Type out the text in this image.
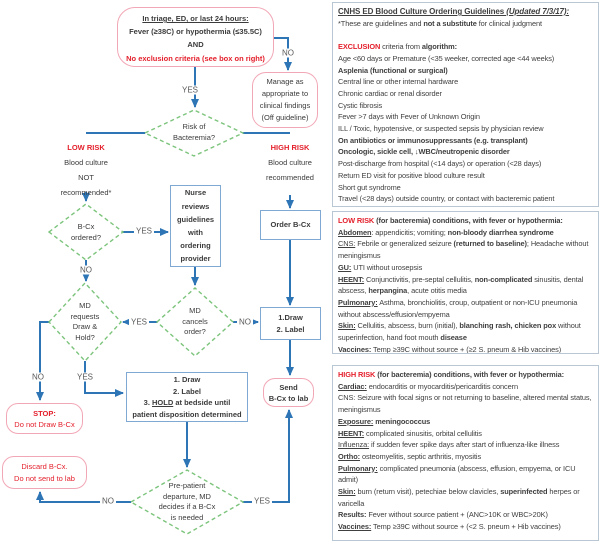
In triage, ED, or last 24 hours:
Fever (≥38C) or hypothermia (≤35.5C)
AND
No exclusion criteria (see box on right)
Manage as
appropriate to
clinical findings
(Off guideline)
Risk of
Bacteremia?
LOW RISK
Blood culture
NOT
recommended*
HIGH RISK
Blood culture
recommended
B-Cx
ordered?
Nurse
reviews
guidelines
with
ordering
provider
Order B-Cx
MD
requests
Draw &
Hold?
MD
cancels
order?
1.Draw
2. Label
1. Draw
2. Label
3. HOLD at bedside until
patient disposition determined
STOP:
Do not Draw B-Cx
Send
B-Cx to lab
Discard B-Cx.
Do not send to lab
Pre-patient
departure, MD
decides if a B-Cx
is needed
YES
NO
YES
NO
YES	NO
YES
NO
NO	YES
CNHS ED Blood Culture Ordering Guidelines (Updated 7/3/17):
*These are guidelines and not a substitute for clinical judgment
EXCLUSION criteria from algorithm:
Age <60 days or Premature (<35 weeker, corrected age <44 weeks)
Asplenia (functional or surgical)
Central line or other internal hardware
Chronic cardiac or renal disorder
Cystic fibrosis
Fever >7 days with Fever of Unknown Origin
ILL / Toxic, hypotensive, or suspected sepsis by physician review
On antibiotics or immunosuppressants (e.g. transplant)
Oncologic, sickle cell, ↓WBC/neutropenic disorder
Post-discharge from hospital (<14 days) or operation (<28 days)
Return ED visit for positive blood culture result
Short gut syndrome
Travel (<28 days) outside country, or contact with bacteremic patient
LOW RISK (for bacteremia) conditions, with fever or hypothermia:
Abdomen: appendicitis; vomiting; non-bloody diarrhea syndrome
CNS: Febrile or generalized seizure (returned to baseline); Headache without meningismus
GU: UTI without urosepsis
HEENT: Conjunctivitis, pre-septal cellulitis, non-complicated sinusitis, dental abscess, herpangina, acute otitis media
Pulmonary: Asthma, bronchiolitis, croup, outpatient or non-ICU pneumonia without abscess/effusion/empyema
Skin: Cellulitis, abscess, burn (initial), blanching rash, chicken pox without superinfection, hand foot mouth disease
Vaccines: Temp ≥39C without source + (≥2 S. pneum & Hib vaccines)
HIGH RISK (for bacteremia) conditions, with fever or hypothermia:
Cardiac: endocarditis or myocarditis/pericarditis concern
CNS: Seizure with focal signs or not returning to baseline, altered mental status, meningismus
Exposure: meningococcus
HEENT: complicated sinusitis, orbital cellulitis
Influenza: if sudden fever spike days after start of influenza-like illness
Ortho: osteomyelitis, septic arthritis, myositis
Pulmonary: complicated pneumonia (abscess, effusion, empyema, or ICU admit)
Skin: burn (return visit), petechiae below clavicles, superinfected herpes or varicella
Results: Fever without source patient + (ANC>10K or WBC>20K)
Vaccines: Temp ≥39C without source + (<2 S. pneum + Hib vaccines)
